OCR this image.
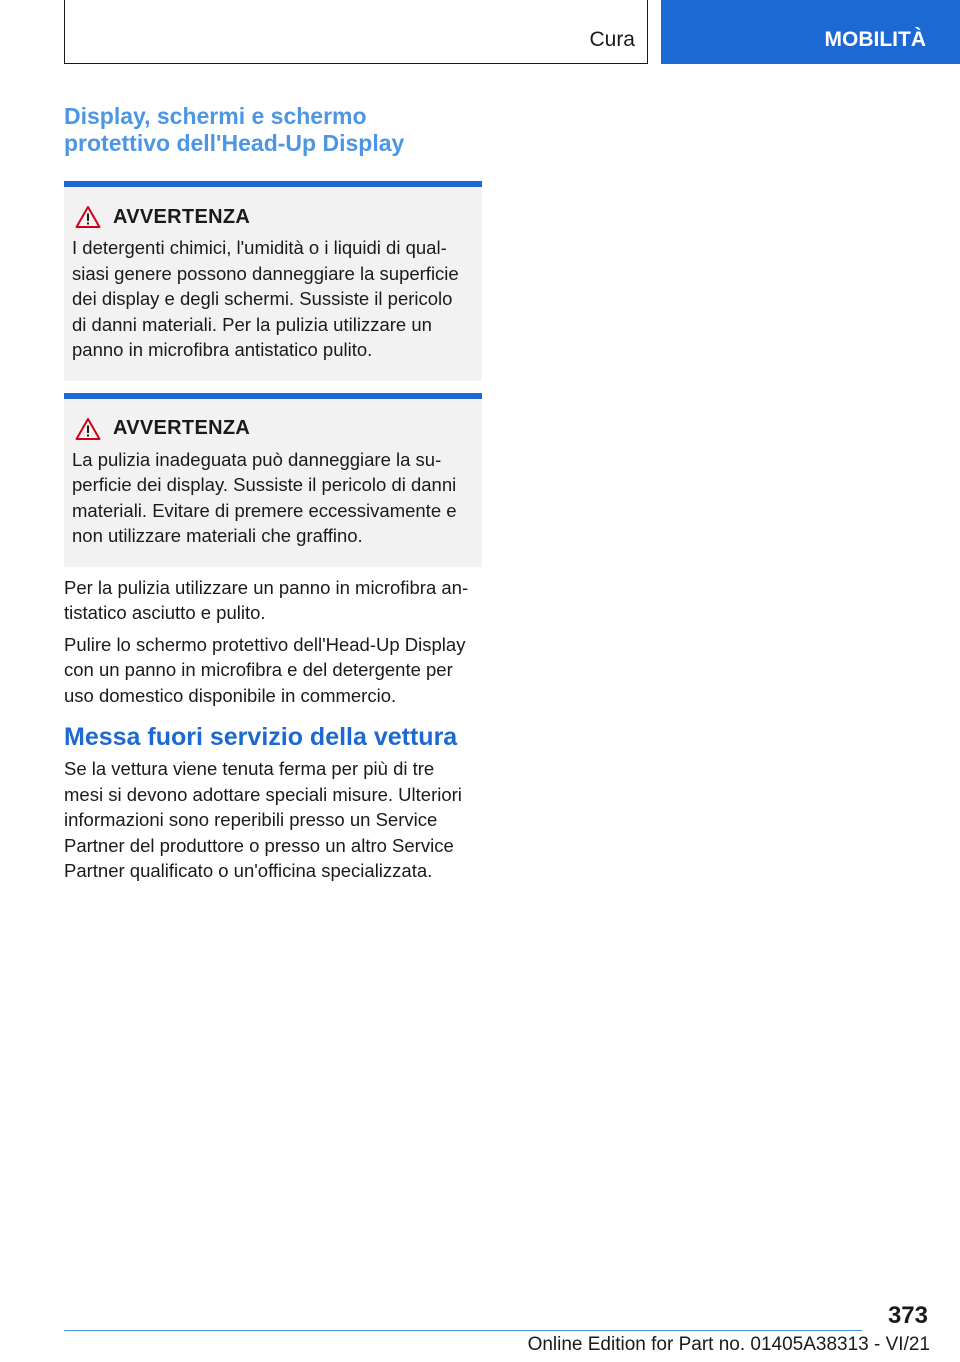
Cura	MOBILITÀ
Display, schermi e schermo
protettivo dell'Head-Up Display
AVVERTENZA
I detergenti chimici, l'umidità o i liquidi di qual-
siasi genere possono danneggiare la superficie
dei display e degli schermi. Sussiste il pericolo
di danni materiali. Per la pulizia utilizzare un
panno in microfibra antistatico pulito.
AVVERTENZA
La pulizia inadeguata può danneggiare la su-
perficie dei display. Sussiste il pericolo di danni
materiali. Evitare di premere eccessivamente e
non utilizzare materiali che graffino.

Per la pulizia utilizzare un panno in microfibra an-
tistatico asciutto e pulito.

Pulire lo schermo protettivo dell'Head-Up Display
con un panno in microfibra e del detergente per
uso domestico disponibile in commercio.

Messa fuori servizio della vettura

Se la vettura viene tenuta ferma per più di tre
mesi si devono adottare speciali misure. Ulteriori
informazioni sono reperibili presso un Service
Partner del produttore o presso un altro Service
Partner qualificato o un'officina specializzata.

373
Online Edition for Part no. 01405A38313 - VI/21
